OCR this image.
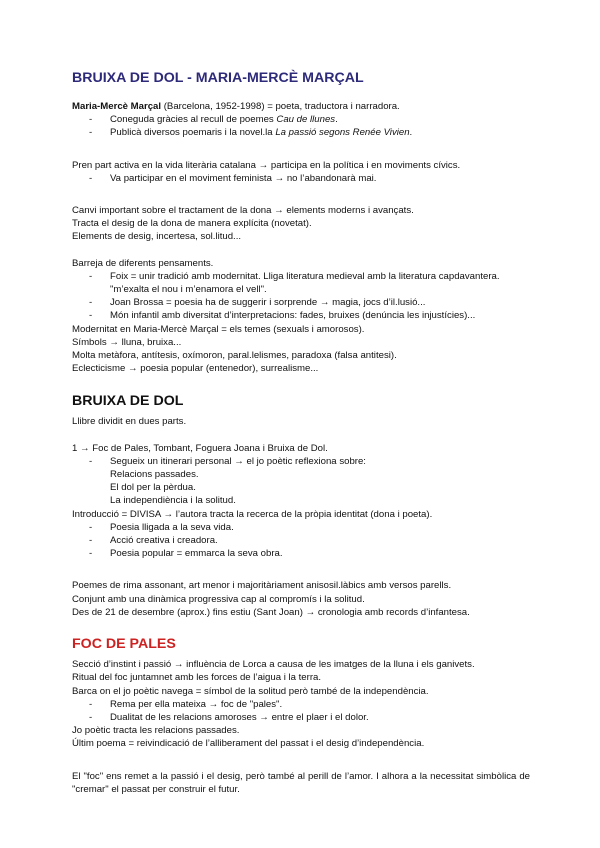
BRUIXA DE DOL - MARIA-MERCÈ MARÇAL
Maria-Mercè Marçal (Barcelona, 1952-1998) = poeta, traductora i narradora.
- Coneguda gràcies al recull de poemes Cau de llunes.
- Publicà diversos poemaris i la novel.la La passió segons Renée Vivien.
Pren part activa en la vida literària catalana → participa en la política i en moviments cívics.
- Va participar en el moviment feminista → no l’abandonarà mai.
Canvi important sobre el tractament de la dona → elements moderns i avançats.
Tracta el desig de la dona de manera explícita (novetat).
Elements de desig, incertesa, sol.litud...
Barreja de diferents pensaments.
- Foix = unir tradició amb modernitat. Lliga literatura medieval amb la literatura capdavantera.
"m’exalta el nou i m’enamora el vell".
- Joan Brossa = poesia ha de suggerir i sorprende → magia, jocs d’il.lusió...
- Món infantil amb diversitat d’interpretacions: fades, bruixes (denúncia les injustícies)...
Modernitat en Maria-Mercè Marçal = els temes (sexuals i amorosos).
Símbols → lluna, bruixa...
Molta metàfora, antítesis, oxímoron, paral.lelismes, paradoxa (falsa antitesi).
Eclecticisme → poesia popular (entenedor), surrealisme...
BRUIXA DE DOL
Llibre dividit en dues parts.
1 → Foc de Pales, Tombant, Foguera Joana i Bruixa de Dol.
- Segueix un itinerari personal → el jo poètic reflexiona sobre:
Relacions passades.
El dol per la pèrdua.
La independiència i la solitud.
Introducció = DIVISA → l’autora tracta la recerca de la pròpia identitat (dona i poeta).
- Poesia lligada a la seva vida.
- Acció creativa i creadora.
- Poesia popular = emmarca la seva obra.
Poemes de rima assonant, art menor i majoritàriament anisosil.làbics amb versos parells.
Conjunt amb una dinàmica progressiva cap al compromís i la solitud.
Des de 21 de desembre (aprox.) fins estiu (Sant Joan) → cronologia amb records d’infantesa.
FOC DE PALES
Secció d’instint i passió → influència de Lorca a causa de les imatges de la lluna i els ganivets.
Ritual del foc juntamnet amb les forces de l’aigua i la terra.
Barca on el jo poètic navega = símbol de la solitud però també de la independència.
- Rema per ella mateixa → foc de "pales".
- Dualitat de les relacions amoroses → entre el plaer i el dolor.
Jo poètic tracta les relacions passades.
Últim poema = reivindicació de l’alliberament del passat i el desig d’independència.
El "foc" ens remet a la passió i el desig, però també al perill de l’amor. I alhora a la necessitat simbòlica de "cremar" el passat per construir el futur.
